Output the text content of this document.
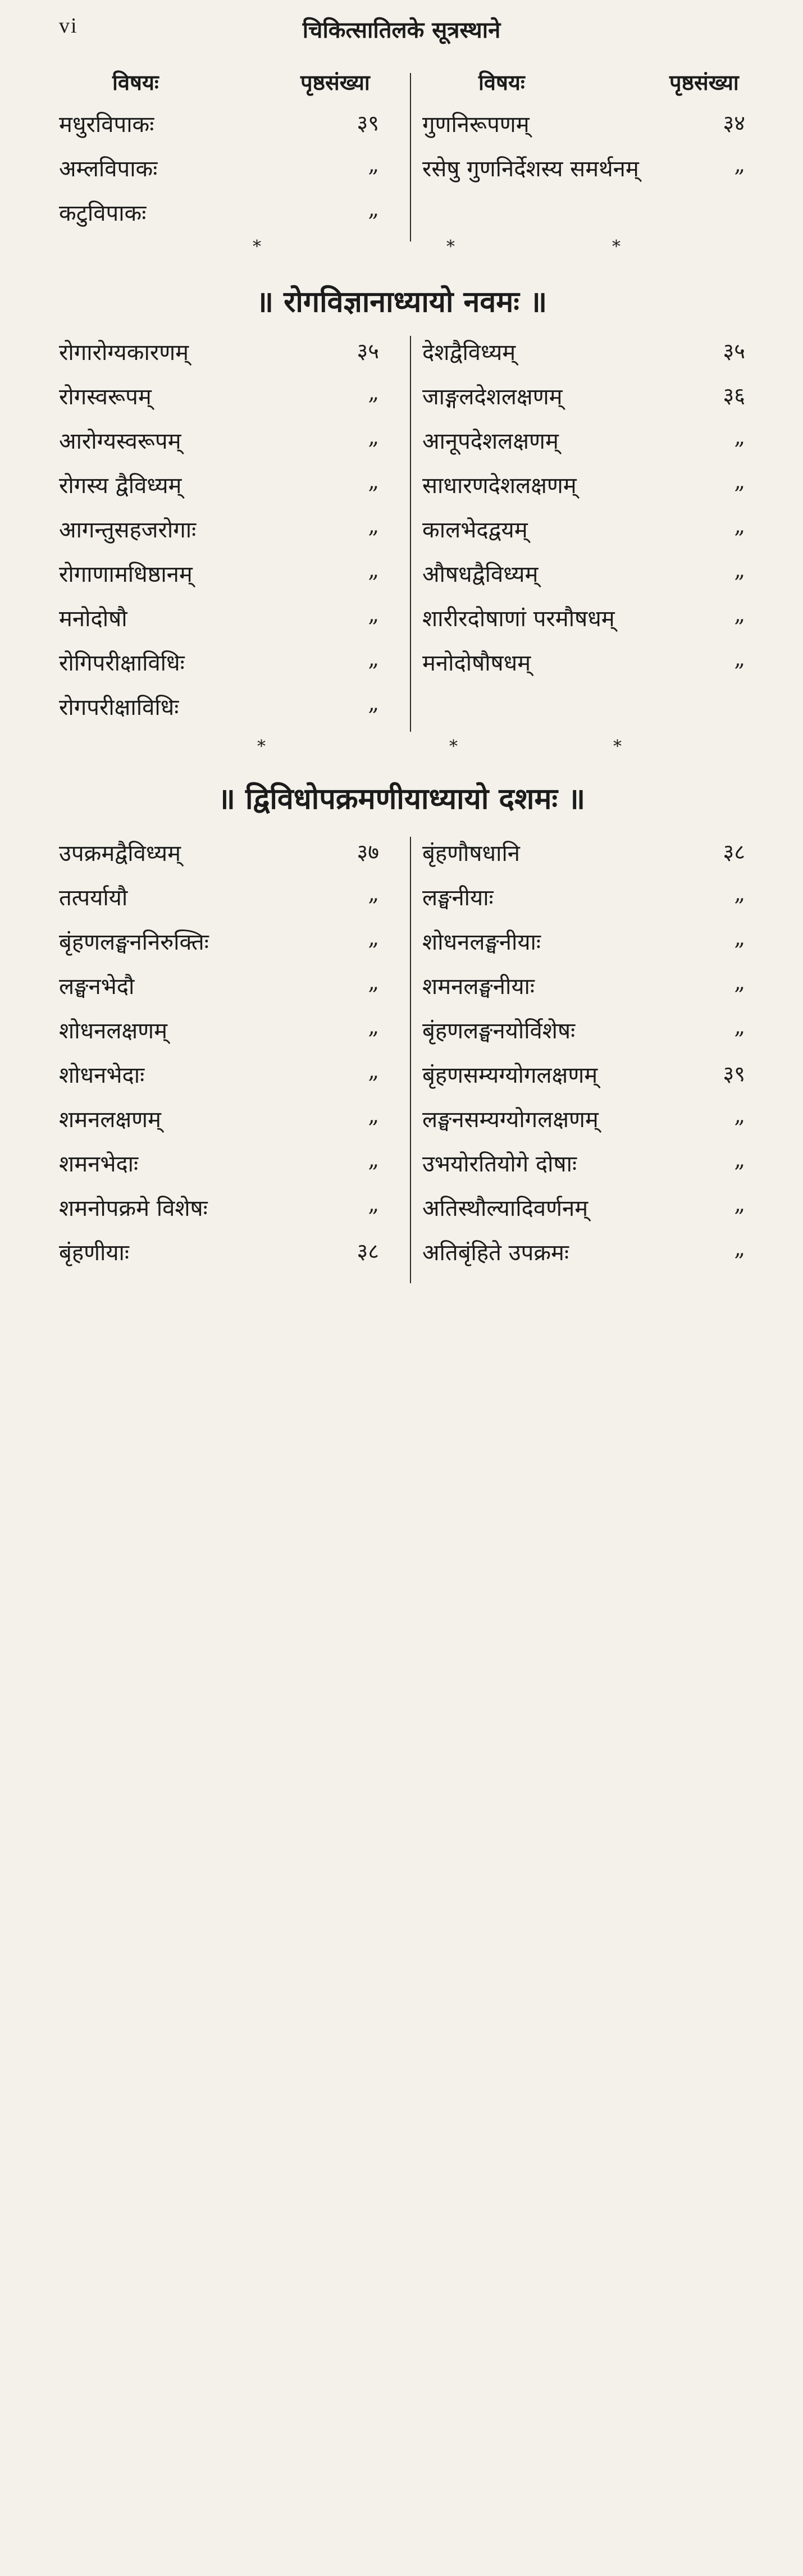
vi	चिकित्सातिलके सूत्रस्थाने
विषयः	पृष्ठसंख्या
मधुरविपाकः	३९
अम्लविपाकः	„
कटुविपाकः	„
विषयः	पृष्ठसंख्या
गुणनिरूपणम्	३४
रसेषु गुणनिर्देशस्य समर्थनम्	„
*	*	*
॥ रोगविज्ञानाध्यायो नवमः ॥
रोगारोग्यकारणम्	३५
रोगस्वरूपम्	„
आरोग्यस्वरूपम्	„
रोगस्य द्वैविध्यम्	„
आगन्तुसहजरोगाः	„
रोगाणामधिष्ठानम्	„
मनोदोषौ	„
रोगिपरीक्षाविधिः	„
रोगपरीक्षाविधिः	„
देशद्वैविध्यम्	३५
जाङ्गलदेशलक्षणम्	३६
आनूपदेशलक्षणम्	„
साधारणदेशलक्षणम्	„
कालभेदद्वयम्	„
औषधद्वैविध्यम्	„
शारीरदोषाणां परमौषधम्	„
मनोदोषौषधम्	„
*	*	*
॥ द्विविधोपक्रमणीयाध्यायो दशमः ॥
उपक्रमद्वैविध्यम्	३७
तत्पर्यायौ	„
बृंहणलङ्घननिरुक्तिः	„
लङ्घनभेदौ	„
शोधनलक्षणम्	„
शोधनभेदाः	„
शमनलक्षणम्	„
शमनभेदाः	„
शमनोपक्रमे विशेषः	„
बृंहणीयाः	३८
बृंहणौषधानि	३८
लङ्घनीयाः	„
शोधनलङ्घनीयाः	„
शमनलङ्घनीयाः	„
बृंहणलङ्घनयोर्विशेषः	„
बृंहणसम्यग्योगलक्षणम्	३९
लङ्घनसम्यग्योगलक्षणम्	„
उभयोरतियोगे दोषाः	„
अतिस्थौल्यादिवर्णनम्	„
अतिबृंहिते उपक्रमः	„
